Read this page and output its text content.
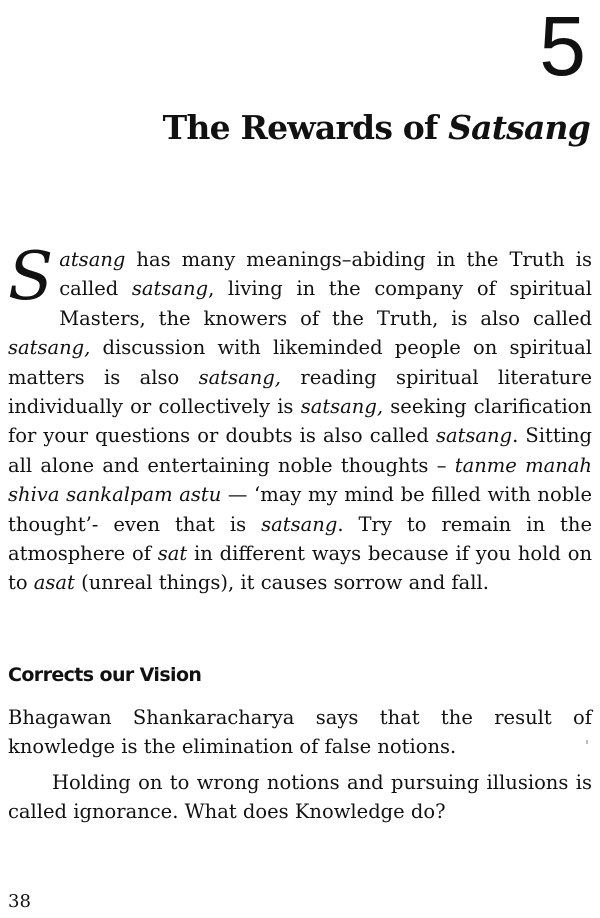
5
The Rewards of Satsang

Satsang has many meanings–abiding in the Truth is called satsang, living in the company of spiritual Masters, the knowers of the Truth, is also called satsang, discussion with likeminded people on spiritual matters is also satsang, reading spiritual literature individually or collectively is satsang, seeking clarification for your questions or doubts is also called satsang. Sitting all alone and entertaining noble thoughts – tanme manah shiva sankalpam astu — ‘may my mind be filled with noble thought’- even that is satsang. Try to remain in the atmosphere of sat in different ways because if you hold on to asat (unreal things), it causes sorrow and fall.

Corrects our Vision

Bhagawan Shankaracharya says that the result of knowledge is the elimination of false notions.

Holding on to wrong notions and pursuing illusions is called ignorance. What does Knowledge do?

38
